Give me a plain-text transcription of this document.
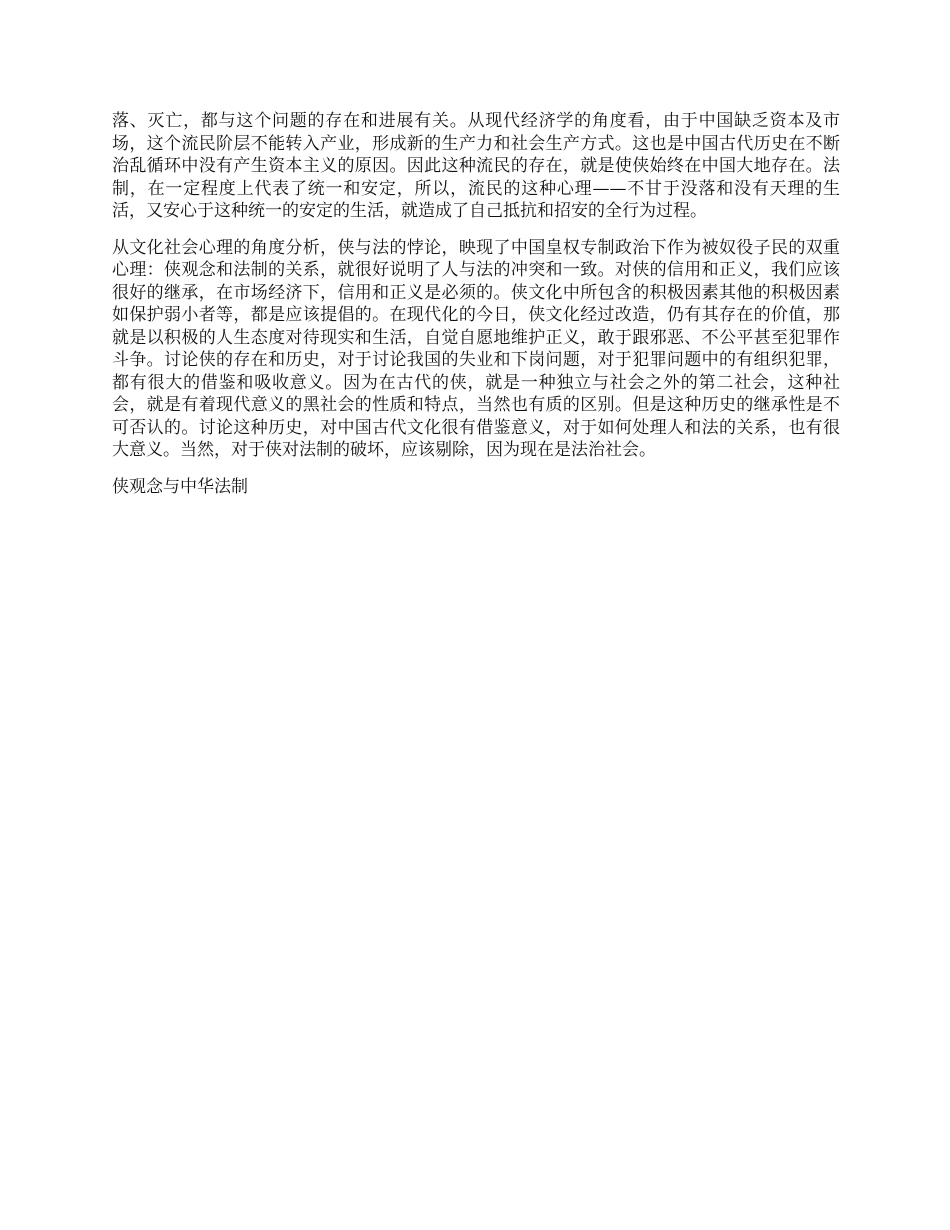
落、灭亡，都与这个问题的存在和进展有关。从现代经济学的角度看，由于中国缺乏资本及市场，这个流民阶层不能转入产业，形成新的生产力和社会生产方式。这也是中国古代历史在不断治乱循环中没有产生资本主义的原因。因此这种流民的存在，就是使侠始终在中国大地存在。法制，在一定程度上代表了统一和安定，所以，流民的这种心理——不甘于没落和没有天理的生活，又安心于这种统一的安定的生活，就造成了自己抵抗和招安的全行为过程。

从文化社会心理的角度分析，侠与法的悖论，映现了中国皇权专制政治下作为被奴役子民的双重心理：侠观念和法制的关系，就很好说明了人与法的冲突和一致。对侠的信用和正义，我们应该很好的继承，在市场经济下，信用和正义是必须的。侠文化中所包含的积极因素其他的积极因素如保护弱小者等，都是应该提倡的。在现代化的今日，侠文化经过改造，仍有其存在的价值，那就是以积极的人生态度对待现实和生活，自觉自愿地维护正义，敢于跟邪恶、不公平甚至犯罪作斗争。讨论侠的存在和历史，对于讨论我国的失业和下岗问题，对于犯罪问题中的有组织犯罪，都有很大的借鉴和吸收意义。因为在古代的侠，就是一种独立与社会之外的第二社会，这种社会，就是有着现代意义的黑社会的性质和特点，当然也有质的区别。但是这种历史的继承性是不可否认的。讨论这种历史，对中国古代文化很有借鉴意义，对于如何处理人和法的关系，也有很大意义。当然，对于侠对法制的破坏，应该剔除，因为现在是法治社会。

侠观念与中华法制
